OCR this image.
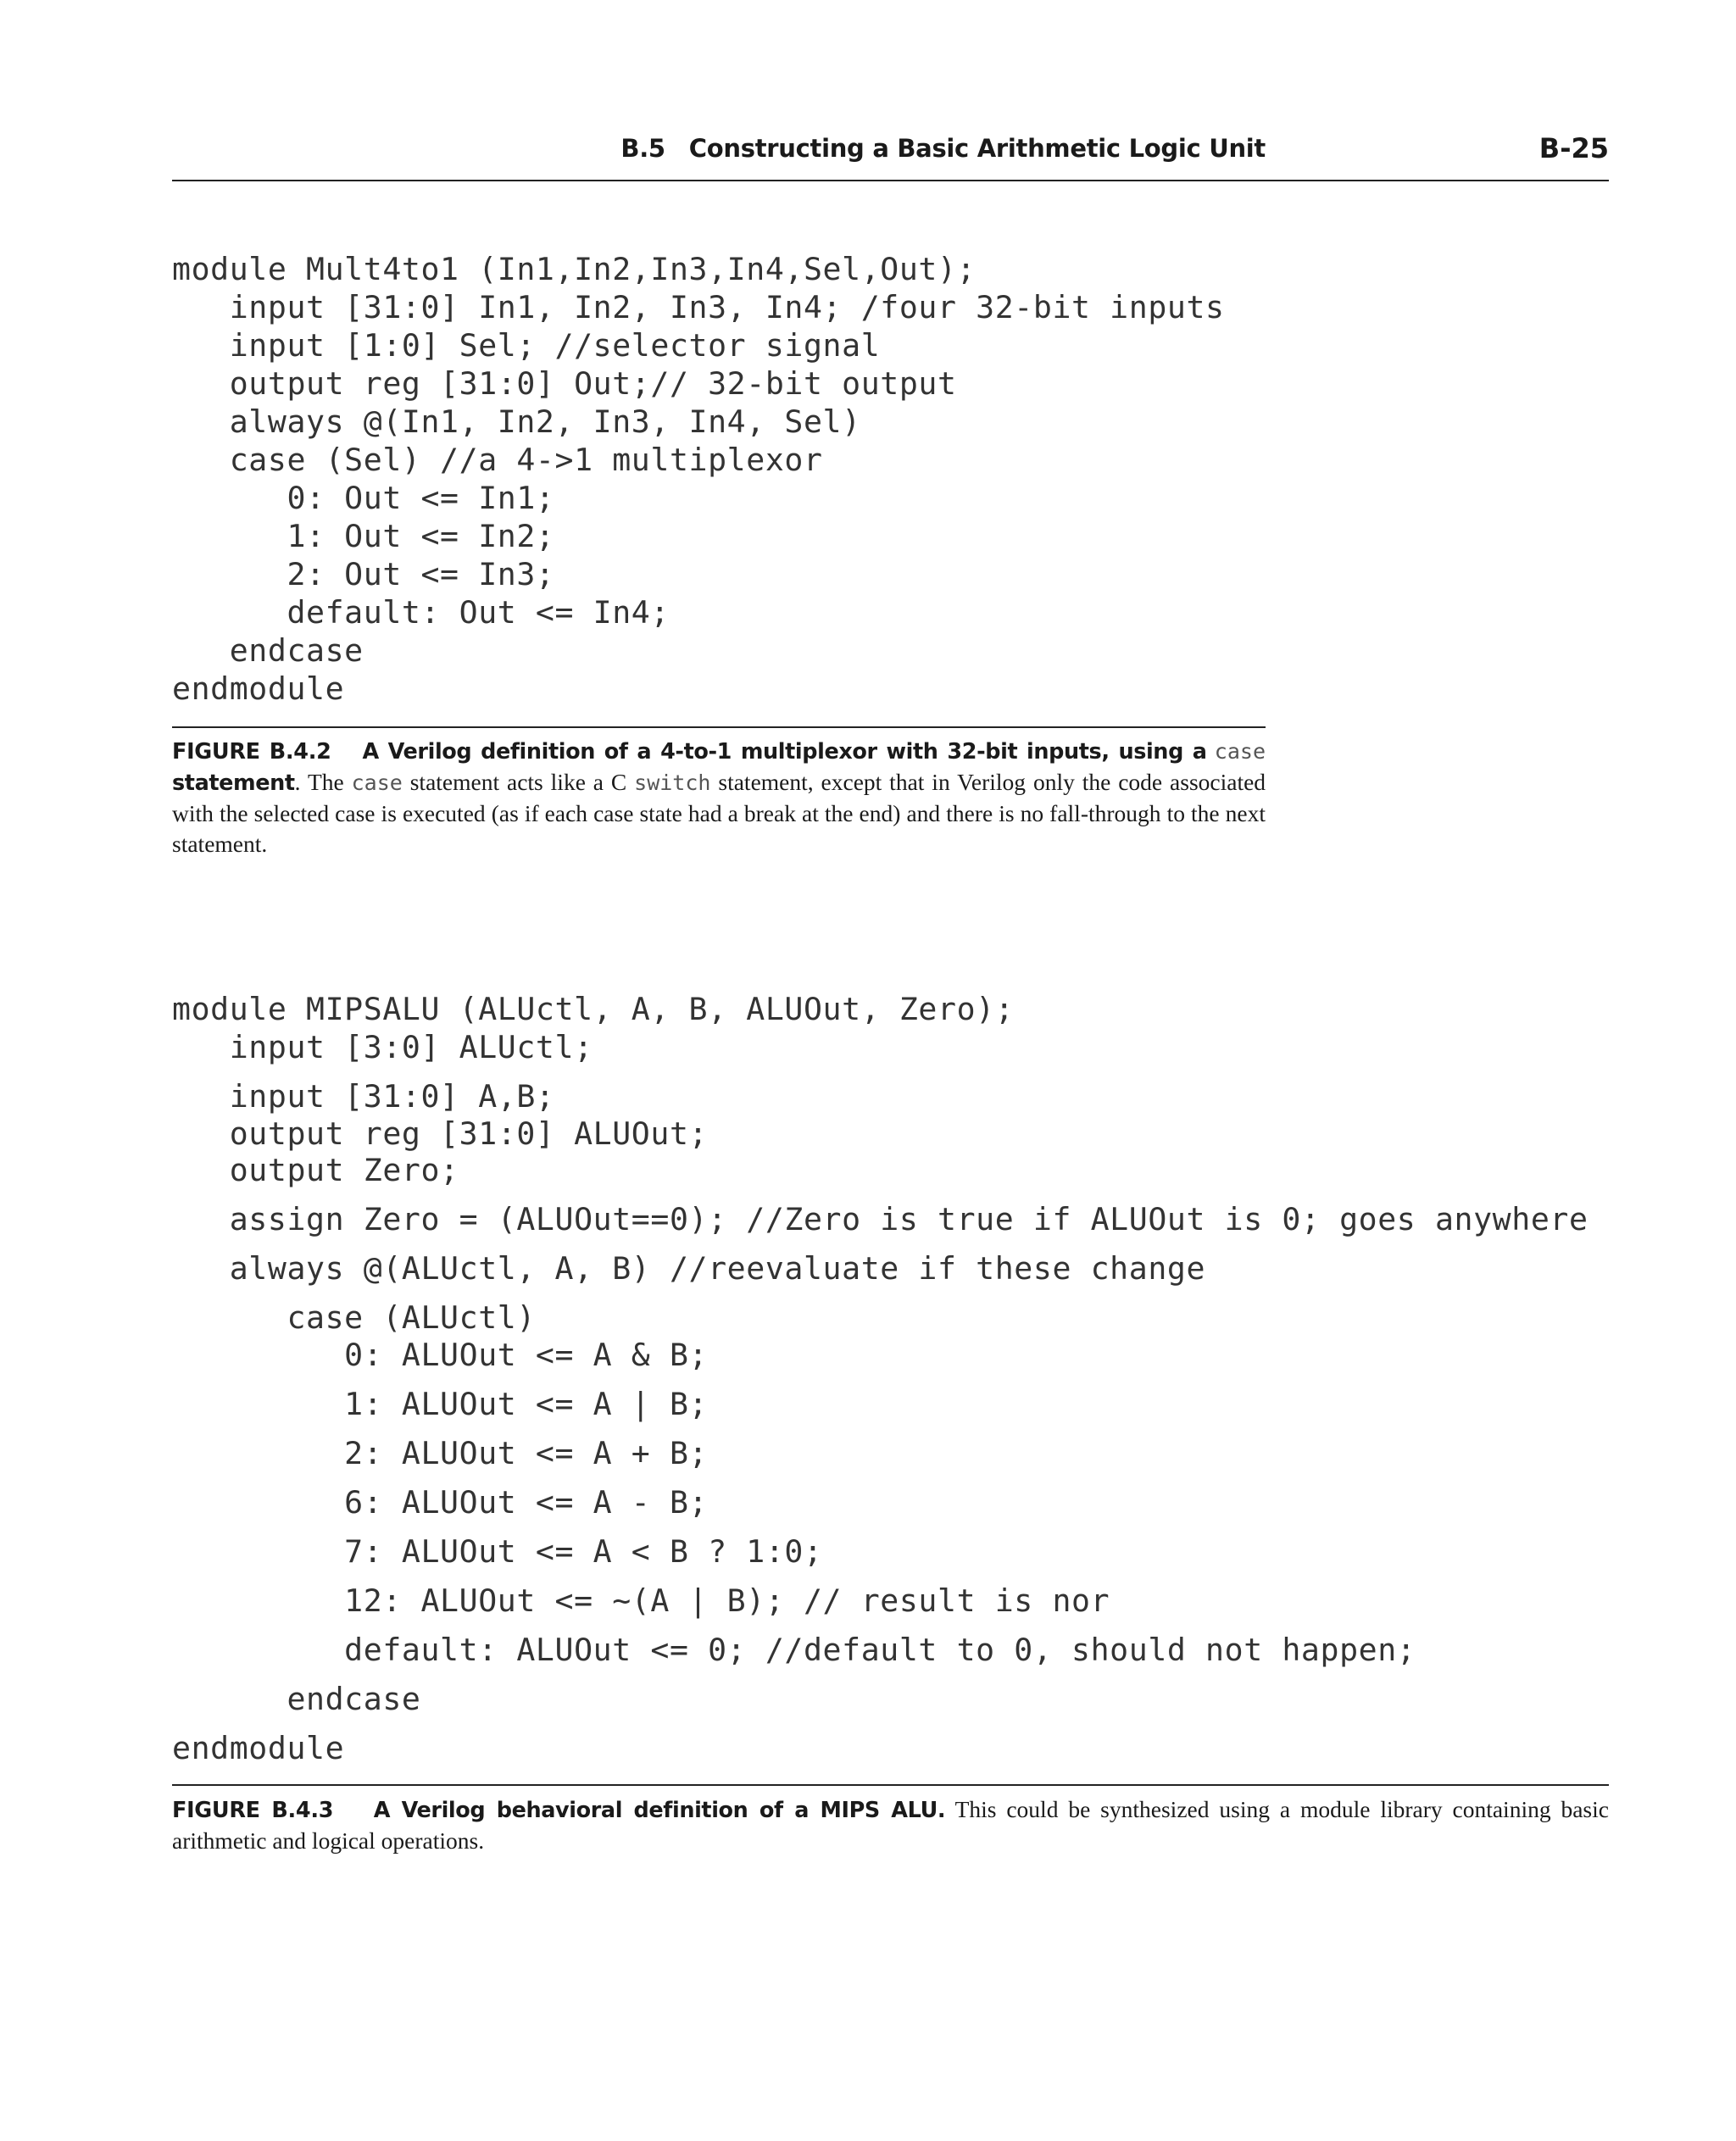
B.5 Constructing a Basic Arithmetic Logic Unit	B-25
module Mult4to1 (In1,In2,In3,In4,Sel,Out);
input [31:0] In1, In2, In3, In4; /four 32-bit inputs
input [1:0] Sel; //selector signal
output reg [31:0] Out;// 32-bit output
always @(In1, In2, In3, In4, Sel)
case (Sel) //a 4->1 multiplexor
0: Out <= In1;
1: Out <= In2;
2: Out <= In3;
default: Out <= In4;
endcase
endmodule
FIGURE B.4.2 A Verilog definition of a 4-to-1 multiplexor with 32-bit inputs, using a case statement. The case statement acts like a C switch statement, except that in Verilog only the code associated with the selected case is executed (as if each case state had a break at the end) and there is no fall-through to the next statement.
module MIPSALU (ALUctl, A, B, ALUOut, Zero);
input [3:0] ALUctl;
input [31:0] A,B;
output reg [31:0] ALUOut;
output Zero;
assign Zero = (ALUOut==0); //Zero is true if ALUOut is 0; goes anywhere
always @(ALUctl, A, B) //reevaluate if these change
case (ALUctl)
0: ALUOut <= A & B;
1: ALUOut <= A | B;
2: ALUOut <= A + B;
6: ALUOut <= A - B;
7: ALUOut <= A < B ? 1:0;
12: ALUOut <= ~(A | B); // result is nor
default: ALUOut <= 0; //default to 0, should not happen;
endcase
endmodule
FIGURE B.4.3 A Verilog behavioral definition of a MIPS ALU. This could be synthesized using a module library containing basic arithmetic and logical operations.
